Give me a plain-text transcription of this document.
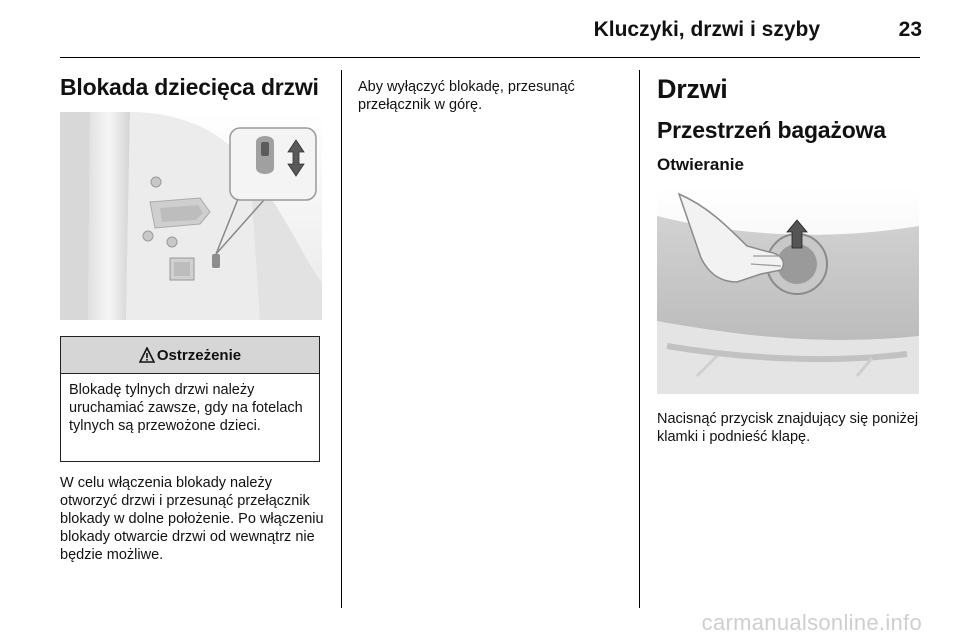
Kluczyki, drzwi i szyby	23
Blokada dziecięca drzwi
Ostrzeżenie
Blokadę tylnych drzwi należy uruchamiać zawsze, gdy na fotelach tylnych są przewożone dzieci.
W celu włączenia blokady należy otworzyć drzwi i przesunąć przełącznik blokady w dolne położenie. Po włączeniu blokady otwarcie drzwi od wewnątrz nie będzie możliwe.
Aby wyłączyć blokadę, przesunąć przełącznik w górę.
Drzwi
Przestrzeń bagażowa
Otwieranie
Nacisnąć przycisk znajdujący się poniżej klamki i podnieść klapę.
carmanualsonline.info
